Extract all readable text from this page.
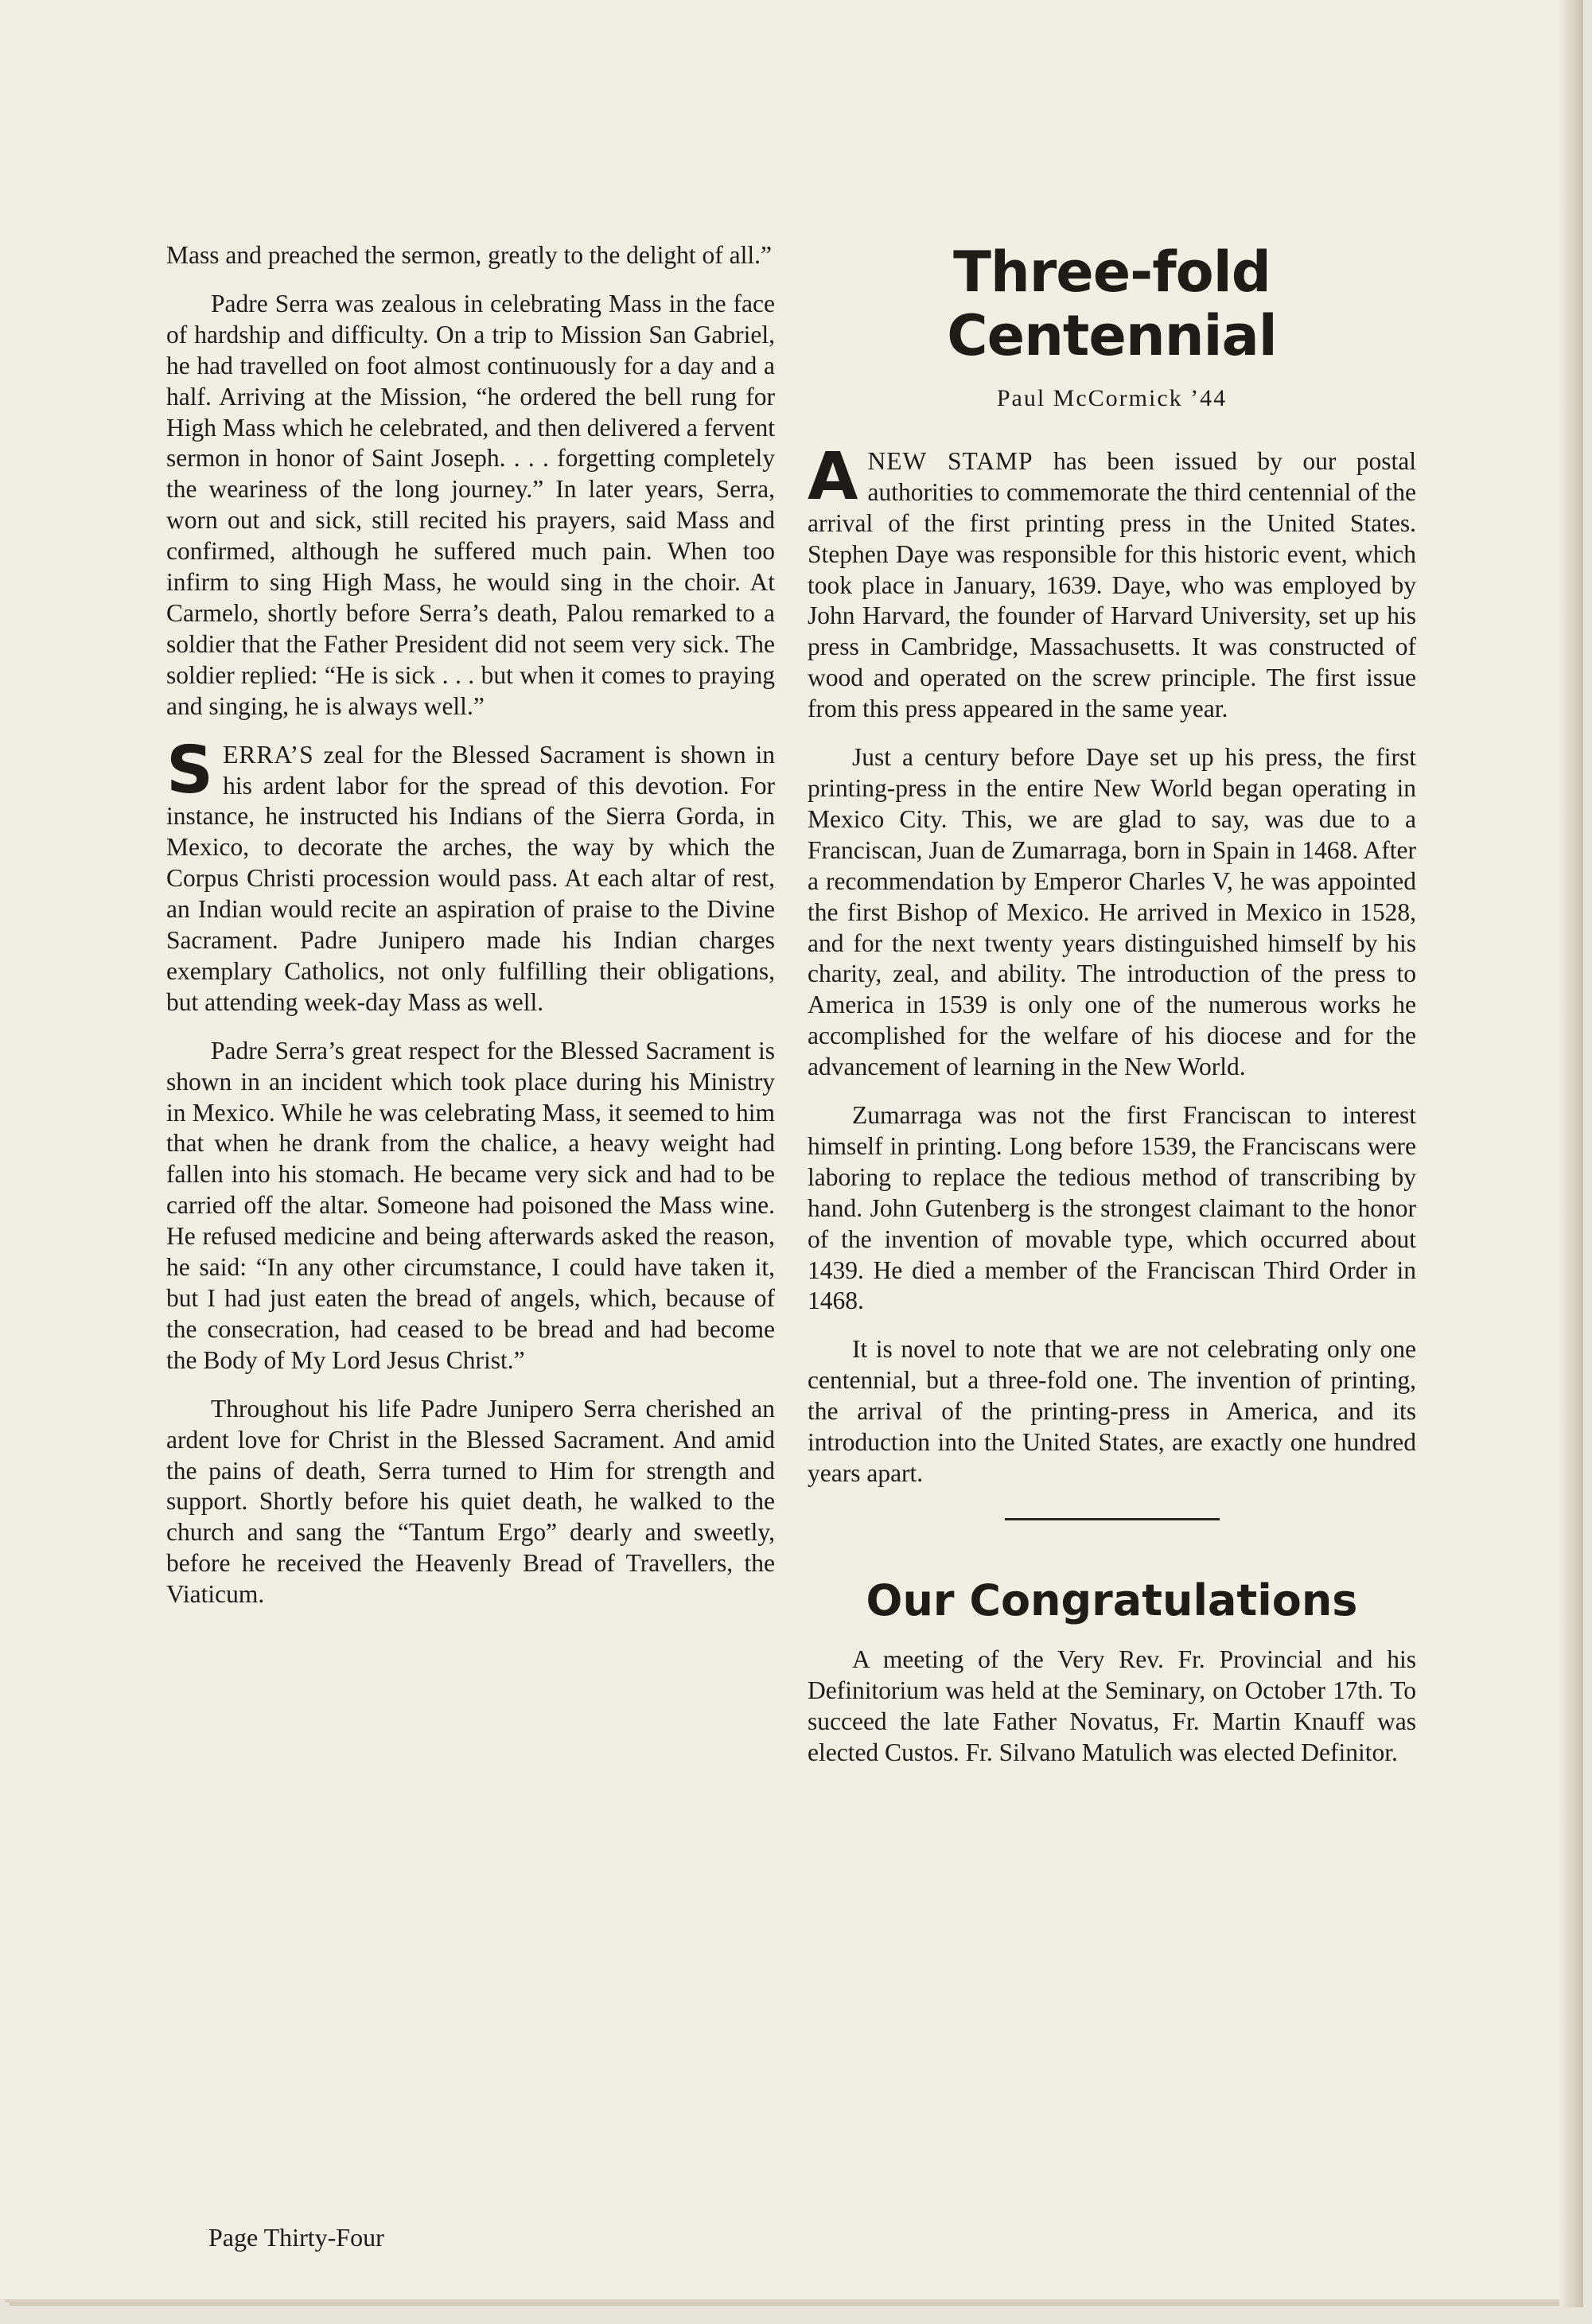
Mass and preached the sermon, greatly to the delight of all.”

Padre Serra was zealous in celebrating Mass in the face of hardship and difficulty. On a trip to Mission San Gabriel, he had travelled on foot almost continuously for a day and a half. Arriving at the Mission, “he ordered the bell rung for High Mass which he celebrated, and then delivered a fervent sermon in honor of Saint Joseph. . . . forgetting completely the weariness of the long journey.” In later years, Serra, worn out and sick, still recited his prayers, said Mass and confirmed, although he suffered much pain. When too infirm to sing High Mass, he would sing in the choir. At Carmelo, shortly before Serra’s death, Palou remarked to a soldier that the Father President did not seem very sick. The soldier replied: “He is sick . . . but when it comes to praying and singing, he is always well.”

SERRA’S zeal for the Blessed Sacrament is shown in his ardent labor for the spread of this devotion. For instance, he instructed his Indians of the Sierra Gorda, in Mexico, to decorate the arches, the way by which the Corpus Christi procession would pass. At each altar of rest, an Indian would recite an aspiration of praise to the Divine Sacrament. Padre Junipero made his Indian charges exemplary Catholics, not only fulfilling their obligations, but attending week-day Mass as well.

Padre Serra’s great respect for the Blessed Sacrament is shown in an incident which took place during his Ministry in Mexico. While he was celebrating Mass, it seemed to him that when he drank from the chalice, a heavy weight had fallen into his stomach. He became very sick and had to be carried off the altar. Someone had poisoned the Mass wine. He refused medicine and being afterwards asked the reason, he said: “In any other circumstance, I could have taken it, but I had just eaten the bread of angels, which, because of the consecration, had ceased to be bread and had become the Body of My Lord Jesus Christ.”

Throughout his life Padre Junipero Serra cherished an ardent love for Christ in the Blessed Sacrament. And amid the pains of death, Serra turned to Him for strength and support. Shortly before his quiet death, he walked to the church and sang the “Tantum Ergo” dearly and sweetly, before he received the Heavenly Bread of Travellers, the Viaticum.

Three-fold Centennial
Paul McCormick ’44

ANEW STAMP has been issued by our postal authorities to commemorate the third centennial of the arrival of the first printing press in the United States. Stephen Daye was responsible for this historic event, which took place in January, 1639. Daye, who was employed by John Harvard, the founder of Harvard University, set up his press in Cambridge, Massachusetts. It was constructed of wood and operated on the screw principle. The first issue from this press appeared in the same year.

Just a century before Daye set up his press, the first printing-press in the entire New World began operating in Mexico City. This, we are glad to say, was due to a Franciscan, Juan de Zumarraga, born in Spain in 1468. After a recommendation by Emperor Charles V, he was appointed the first Bishop of Mexico. He arrived in Mexico in 1528, and for the next twenty years distinguished himself by his charity, zeal, and ability. The introduction of the press to America in 1539 is only one of the numerous works he accomplished for the welfare of his diocese and for the advancement of learning in the New World.

Zumarraga was not the first Franciscan to interest himself in printing. Long before 1539, the Franciscans were laboring to replace the tedious method of transcribing by hand. John Gutenberg is the strongest claimant to the honor of the invention of movable type, which occurred about 1439. He died a member of the Franciscan Third Order in 1468.

It is novel to note that we are not celebrating only one centennial, but a three-fold one. The invention of printing, the arrival of the printing-press in America, and its introduction into the United States, are exactly one hundred years apart.

Our Congratulations

A meeting of the Very Rev. Fr. Provincial and his Definitorium was held at the Seminary, on October 17th. To succeed the late Father Novatus, Fr. Martin Knauff was elected Custos. Fr. Silvano Matulich was elected Definitor.

Page Thirty-Four
